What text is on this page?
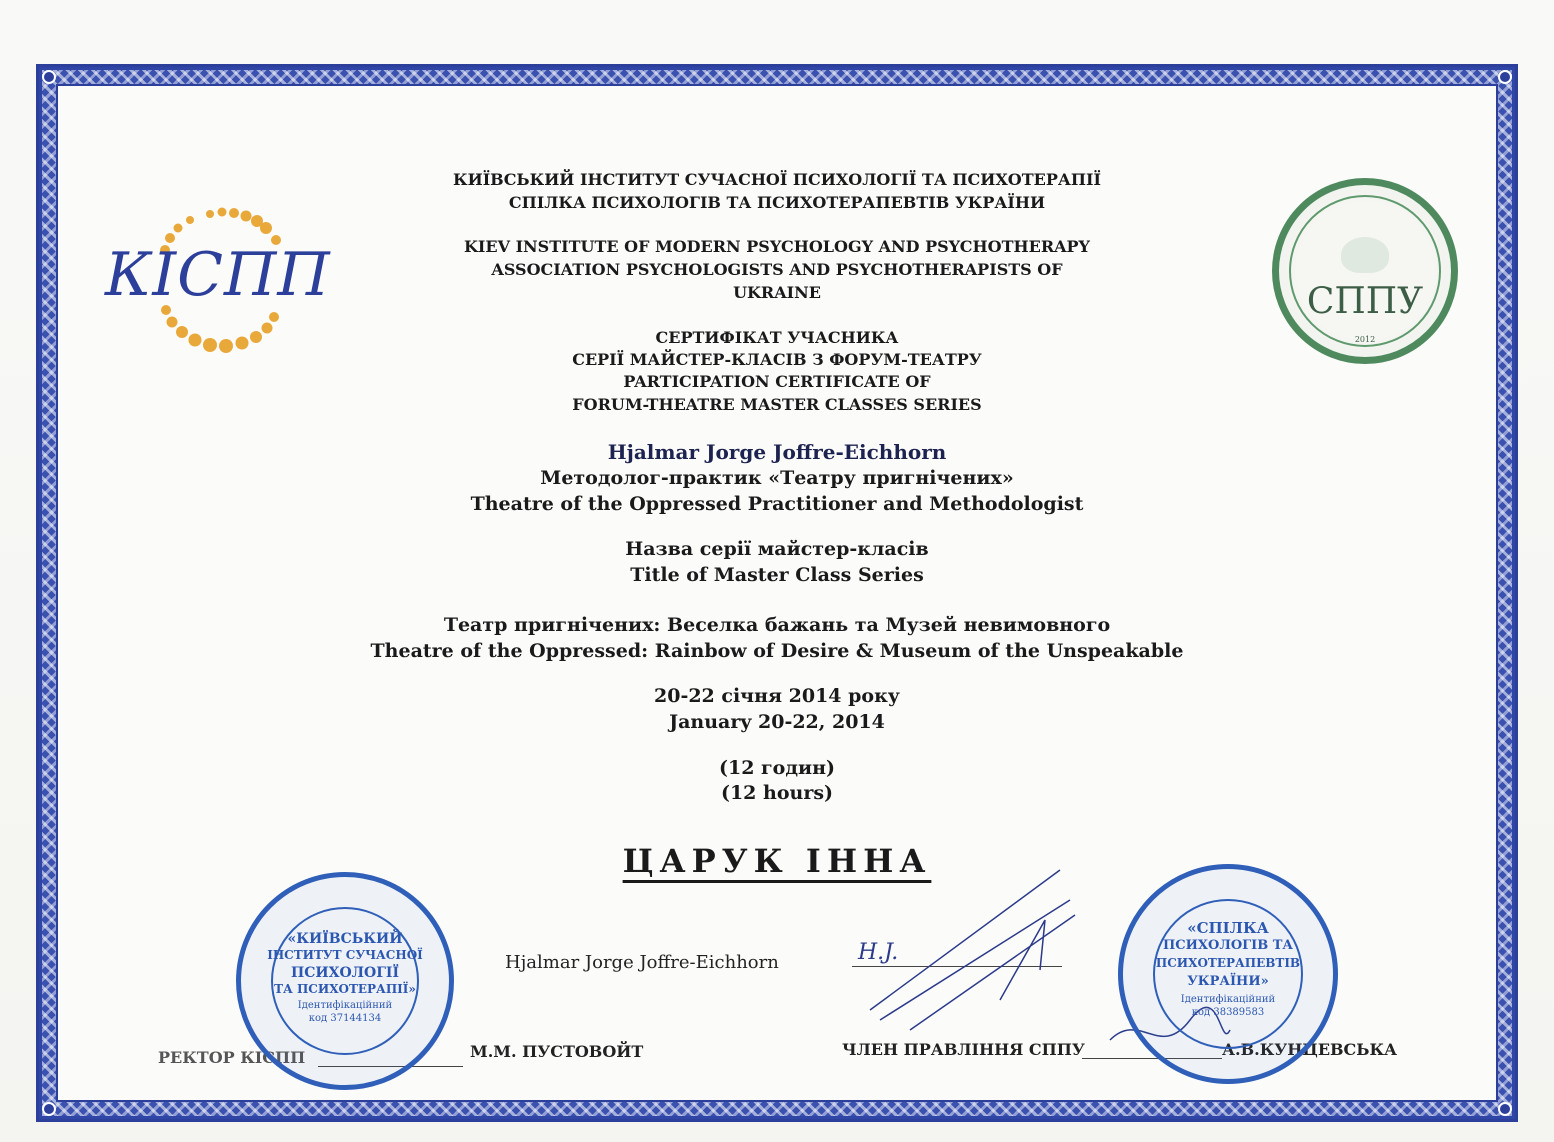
КІСПП	СППУ
2012
КИЇВСЬКИЙ ІНСТИТУТ СУЧАСНОЇ ПСИХОЛОГІЇ ТА ПСИХОТЕРАПІЇ
СПІЛКА ПСИХОЛОГІВ ТА ПСИХОТЕРАПЕВТІВ УКРАЇНИ
KIEV INSTITUTE OF MODERN PSYCHOLOGY AND PSYCHOTHERAPY
ASSOCIATION PSYCHOLOGISTS AND PSYCHOTHERAPISTS OF
UKRAINE
СЕРТИФІКАТ УЧАСНИКА
СЕРІЇ МАЙСТЕР-КЛАСІВ З ФОРУМ-ТЕАТРУ
PARTICIPATION CERTIFICATE OF
FORUM-THEATRE MASTER CLASSES SERIES
Hjalmar Jorge Joffre-Eichhorn
Методолог-практик «Театру пригнічених»
Theatre of the Oppressed Practitioner and Methodologist
Назва серії майстер-класів
Title of Master Class Series
Театр пригнічених: Веселка бажань та Музей невимовного
Theatre of the Oppressed: Rainbow of Desire & Museum of the Unspeakable
20-22 січня 2014 року
January 20-22, 2014
(12 годин)
(12 hours)
ЦАРУК ІННА
Hjalmar Jorge Joffre-Eichhorn	H.J.
РЕКТОР КІСПП	М.М. ПУСТОВОЙТ	ЧЛЕН ПРАВЛІННЯ СППУ	А.В.КУНЦЕВСЬКА
«КИЇВСЬКИЙ
ІНСТИТУТ СУЧАСНОЇ
ПСИХОЛОГІЇ
ТА ПСИХОТЕРАПІЇ»
Ідентифікаційний
код 37144134
«СПІЛКА
ПСИХОЛОГІВ ТА
ПСИХОТЕРАПЕВТІВ
УКРАЇНИ»
Ідентифікаційний
код 38389583
